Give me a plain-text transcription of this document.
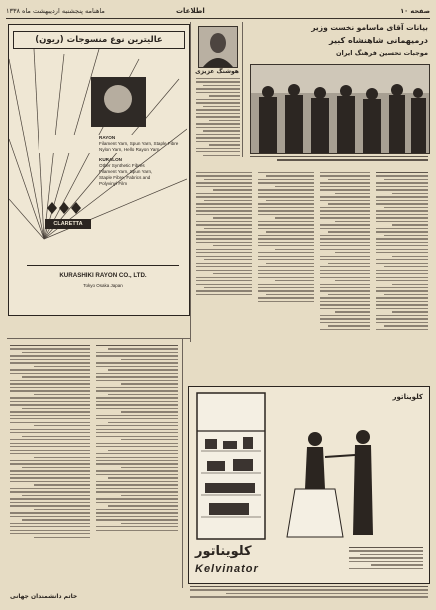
صفحه ۱۰
اطلاعات
ماهنامه پنجشنبه اردیبهشت ماه ۱۳۳۸
عالیترین نوع منسوجات (ریون)
RAYON
Filament Yarn, Spun Yarn, Staple Fibre
Nylon Yarn, Hello Rayon Yarn
KURALON
Other Synthetic Fibres
Filament Yarn, Spun Yarn,
Staple Fibre, Fabrics and
Polyvinyl Film
CLARETTA
KURASHIKI RAYON CO., LTD.
Tokyo Osaka Japan
هوشنگ عزیزی
بیانات آقای ماسامو نخست وزیر
درمیهمانی شاهنشاه کبیر
موجبات تحسین فرهنگ ایران
کلویناتور
کلویناتور
Kelvinator
خاتم دانشمندان جهانی
